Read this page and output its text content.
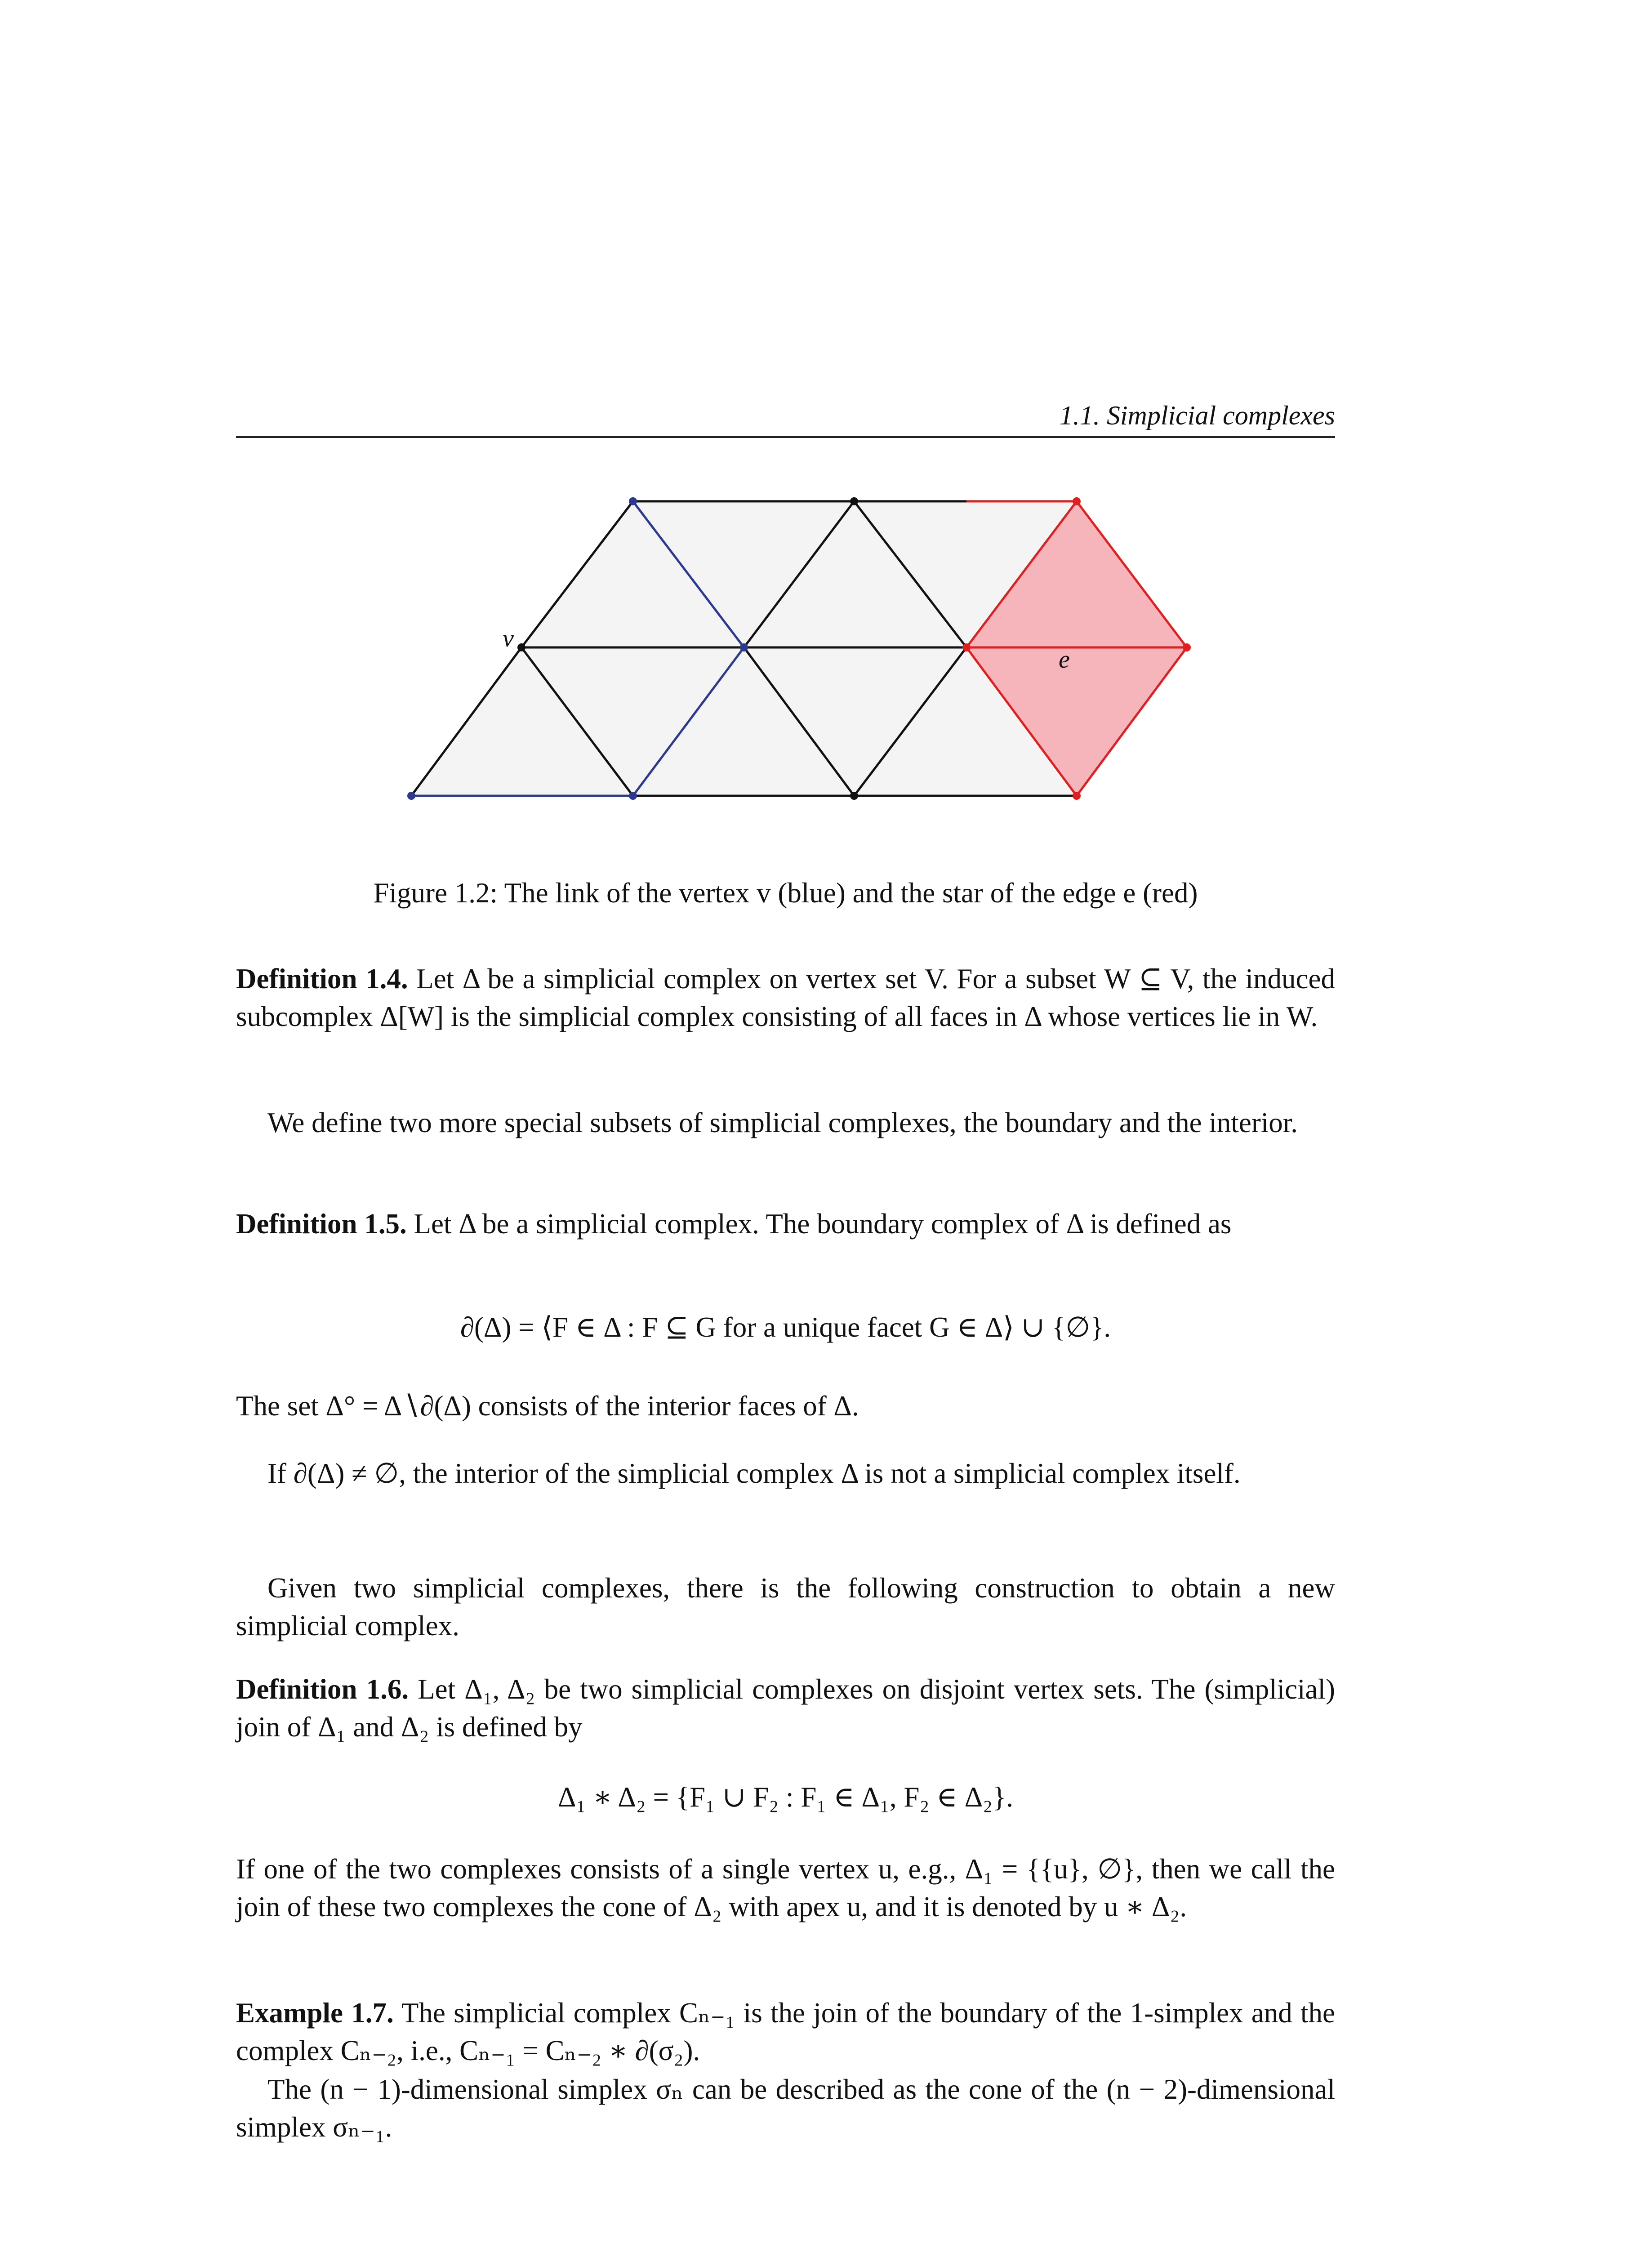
1.1. Simplicial complexes
v
e
Figure 1.2: The link of the vertex v (blue) and the star of the edge e (red)
Definition 1.4. Let Δ be a simplicial complex on vertex set V. For a subset W ⊆ V, the induced subcomplex Δ[W] is the simplicial complex consisting of all faces in Δ whose vertices lie in W.
We define two more special subsets of simplicial complexes, the boundary and the interior.
Definition 1.5. Let Δ be a simplicial complex. The boundary complex of Δ is defined as
∂(Δ) = ⟨F ∈ Δ : F ⊆ G for a unique facet G ∈ Δ⟩ ∪ {∅}.
The set Δ° = Δ∖∂(Δ) consists of the interior faces of Δ.
If ∂(Δ) ≠ ∅, the interior of the simplicial complex Δ is not a simplicial complex itself.
Given two simplicial complexes, there is the following construction to obtain a new simplicial complex.
Definition 1.6. Let Δ₁, Δ₂ be two simplicial complexes on disjoint vertex sets. The (simplicial) join of Δ₁ and Δ₂ is defined by
Δ₁ ∗ Δ₂ = {F₁ ∪ F₂ : F₁ ∈ Δ₁, F₂ ∈ Δ₂}.
If one of the two complexes consists of a single vertex u, e.g., Δ₁ = {{u}, ∅}, then we call the join of these two complexes the cone of Δ₂ with apex u, and it is denoted by u ∗ Δ₂.
Example 1.7. The simplicial complex Cₙ₋₁ is the join of the boundary of the 1-simplex and the complex Cₙ₋₂, i.e., Cₙ₋₁ = Cₙ₋₂ ∗ ∂(σ₂).
The (n − 1)-dimensional simplex σₙ can be described as the cone of the (n − 2)-dimensional simplex σₙ₋₁.
